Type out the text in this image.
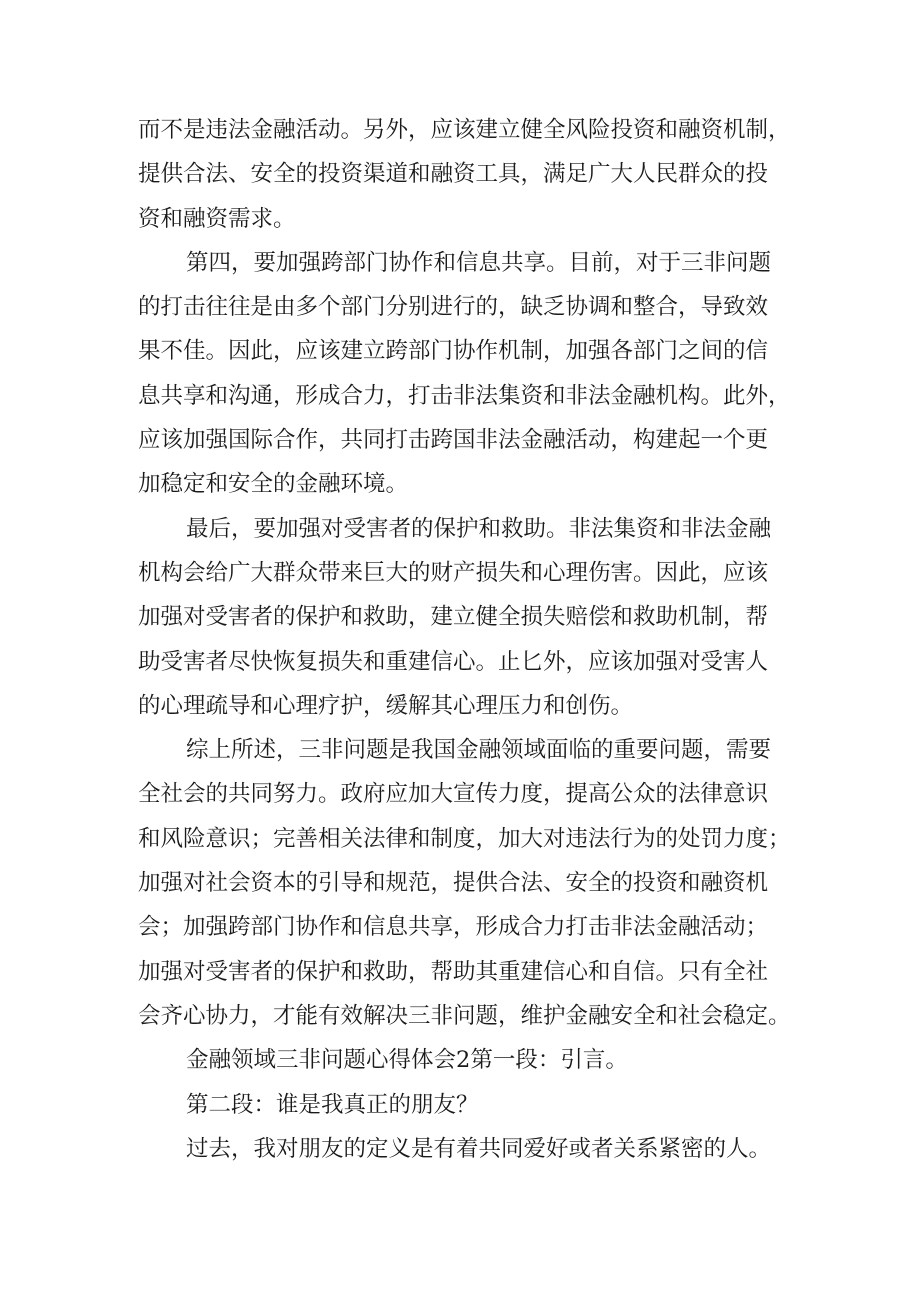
而不是违法金融活动。另外，应该建立健全风险投资和融资机制，
提供合法、安全的投资渠道和融资工具，满足广大人民群众的投
资和融资需求。
第四，要加强跨部门协作和信息共享。目前，对于三非问题
的打击往往是由多个部门分别进行的，缺乏协调和整合，导致效
果不佳。因此，应该建立跨部门协作机制，加强各部门之间的信
息共享和沟通，形成合力，打击非法集资和非法金融机构。此外，
应该加强国际合作，共同打击跨国非法金融活动，构建起一个更
加稳定和安全的金融环境。
最后，要加强对受害者的保护和救助。非法集资和非法金融
机构会给广大群众带来巨大的财产损失和心理伤害。因此，应该
加强对受害者的保护和救助，建立健全损失赔偿和救助机制，帮
助受害者尽快恢复损失和重建信心。止匕外，应该加强对受害人
的心理疏导和心理疗护，缓解其心理压力和创伤。
综上所述，三非问题是我国金融领域面临的重要问题，需要
全社会的共同努力。政府应加大宣传力度，提高公众的法律意识
和风险意识；完善相关法律和制度，加大对违法行为的处罚力度；
加强对社会资本的引导和规范，提供合法、安全的投资和融资机
会；加强跨部门协作和信息共享，形成合力打击非法金融活动；
加强对受害者的保护和救助，帮助其重建信心和自信。只有全社
会齐心协力，才能有效解决三非问题，维护金融安全和社会稳定。
金融领域三非问题心得体会2第一段：引言。
第二段：谁是我真正的朋友？
过去，我对朋友的定义是有着共同爱好或者关系紧密的人。
